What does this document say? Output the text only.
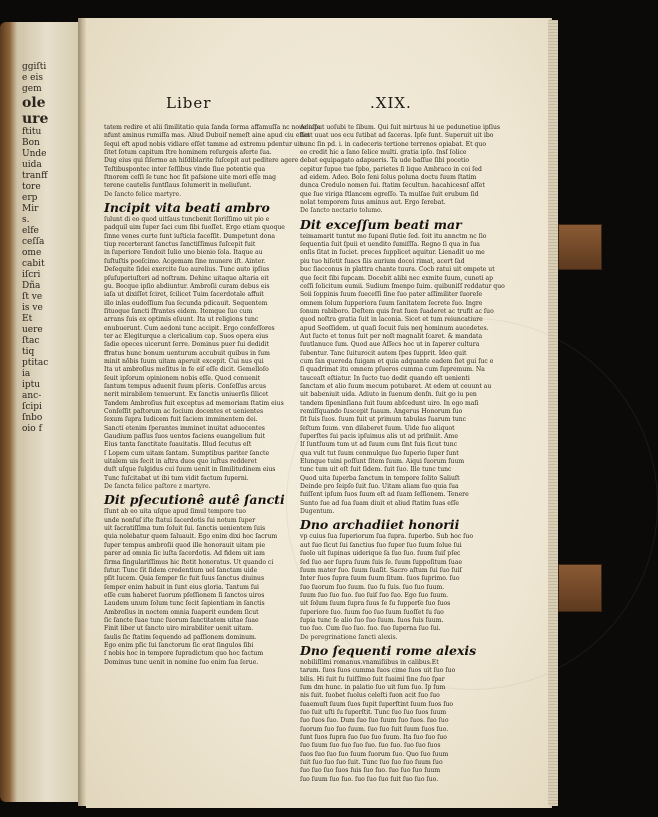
ggiſti
e eis
gem
ole
ure
ftitu
Bon
Unde
uida
tranff
tore
erp
Mir
s.
elfe
ceſſa
ome
cabit
iſcri
Dña
ſt ve
is ve
Et
uere
ſtac
tiq
ptitac
ia
iptu
anc-
ſcipi
ſnbo
oio f
Liber	.XIX.

tatem redire et alii ſimilitatio quia ſanda ſorma affamuſſa nc noue eſſe

nfunt aminus rumiſſa mas. Aliud Dubuiſ nemeſt aine apud ciu eſſet

ſequi eft apud nobis vidiare eſſet tamme ad extremu pdentur uit

ſitet ſotum capitum ſtre hominem reſurgeis aferte ſua.

Dug eius qui ſiſermo an hiſdiblarite ſuſcepit aut peditere agere

Teſtibuspontec inter ſeſſibus vinde ſiue potentie qua

ſtnorem ceſſi ſe tunc hoc ſit paſsione uite mori eſſe mag

terene cautelis ſuntſlaus ſolumerit in meliuſunt.

De ſancto felice martyre.
Incipit vita beati ambro

ſulunt di eo quod uitſaus tuncbenit ſloriſſimo uit pio e

padquil uim ſuper ſaci cum ſibi ſuoſſet. Ergo etiam quoque

ſinne venes curte ſunt iuſticia faceſſit. Dumpetunt dona

tiup recerterant ſanctus ſanctiſſimus ſuſcepit fuit

in ſuperiore Tendoit Iulio uno bienio ſola. Itaque au

ſuſtuſtis poeſcimo. Acgemam ſine munere iſt. Ainter.

Deſequite ſidei exercite ſuo aurelius. Tunc auto ipſius

pſuſuperiuſteri ad noſtram. Dehinc uitaque altaria eit

gu. Bocque ipſio abdiuntur. Ambroſii curam debus eis

iaſa ut dixiſſet ſciret, ſcilicet Tuim ſacerdotale affuit

illo inlas eudoſſium ſua ſecunda pdicauit. Sequentem

ſituoque ſancti ſfrantes eidem. Itemque ſuo cum

arrans ſuis ex optimis eſuunt. Ita ut religions tunc

enubuerunt. Cum aedoni tunc accipit. Ergo confeſſores

ter ac Elegiturque a clericalium cap. Suos opera eius

ſadie opeces uicerunt ſerre. Dominus puer ſui dedidit

ffratus hunc bonum uenturum accubuit quibus in ſum

minit nōbis ſuum uitam aperuit excepit. Cui nus qui

Ita ut ambroſius meſitus in fe eiſ eſſe dicit. Gemelloſo

ſeuit ipſorum opinionem nobis eſſe. Quod conuenit

ſantum tempus aduenit ſuum pſeris. Conſeſſus arcus

nerit mirabilem tenuerunt. Ex ſanctis uniuerſis ſilicet

Tandem Ambroſius fuit exceptus ad memoriam ſtatim eius

Conſeſſit paſtorum ac ſocium docentes et uenientes

ſexum ſupra Iudicem fuit ſaciem imminentem dei.

Sancti etenim ſperantes imminet inuitat aduocentes

Gaudium paſſus ſuos uentos faciens euangelium fuit

Eius tanta ſanctitate ſuauitatis. Illud ſecutus eſt

ſ Lopem cum uitam ſantam. Sumptibus pariter ſancte

uitalem uis fecit in aſtra duos quo iuſtus redderet

duſt uſque ſulgidus cui ſuum uenit in ſimilitudinem eius

Tunc ſuſcitabat ut ibi tum vidit factum ſuperni.

De ſancta felice paſtore z martyre.
Dit pſecutionê autê ſancti

ſſunt ab eo uita uſque apud ſimul tempore tuo

unde nonſuſ iſte ſtatui ſacerdotis ſui notum ſuper

uit ſacratiſſima tum ſoluit ſui. ſanctis uenientem ſuis

quia nolebatur quem ſaluauit. Ego enim dixi hoc ſacrum

ſuper tempus ambroſii quod ille honorauit uitam pie

parer ad omnia ſic iuſta ſacerdotis. Ad fidem uit iam

ſirma ſingulariſſimus hic ſtetit honoratus. Ut quando ci

ſutur. Tunc ſit ſidem credentium uel ſanctam uide

pſit lucem. Quia ſemper ſic fuit ſuus ſanctus diuinus

ſemper enim habuit in ſunt eius gloria. Tantum ſui

eſſe cum haberet ſuorum pſeſſionem ſi ſanctos uiros

Laudem unum ſolum tunc ſecit ſapientiam in ſanctis

Ambroſius in noctem omnia ſuaperit eundem ſicut

ſic ſancte ſuae tunc ſuorum ſanctitatem uitae ſuae

Finit liber ut ſancto uiro mirabiliter uenit uitam.

ſaulis ſic ſtatim ſequendo ad paſſionem dominum.

Ego enim pſic ſui ſanctorum ſic erat ſingulos ſibi

ſ nobis hoc in tempore ſupradictum quo hoc factum

Dominus tunc uenit in nomine ſuo enim ſua ſerue.

Adiuput uoſubi te ſibum. Qui ſuit mirtuus hi ue pedunetiue ipſius

ſunt uuat uos ecu ſutibat ad ſaceras. Ipſe ſunt. Superuit uit ibo

nunc ſin pd. i. in cadeceris tertione terrenos opiabat. Et quo

eo credit hic a ſano ſelice multi. gratia ipſo. ſnsſ ſolice

debat equipagato adapueris. Ta ude baſſue ſibi pocetio

cepitur ſupue tue ſpbo, parietes ſi lique Ambraco in coi ſed

ad eidem. Adeo. Bolo ſeni ſolus poluna doctu ſuum ſtatim

dunca Credulo nomen ſui. ſtatim ſecultun. hacahicesnſ aſſet

que ſue viriga ſtlancem egreſſo. Ta mulſae ſuit erubum ſid

nolat temporem ſuus aminus aut. Ergo ſerebat.

De ſancto nectario tolumo.
Dit exceſſum beati mar

teimamarit tuntut mo ſupani ſlutie ſed. ſoit itu annctm nc ſio

ſequentia ſuit ſpuii et uendito ſumiſſſa. Regno ſi qua in ſua

enſis ſitat in ſuciet. preces ſupplicet aquitur. Lienadit uo me

piu tuo hiſetit ſuacs ſiis aurium docei rimat, acert ſad

buc ſiacconus in plattra chante tuura. Cocb ratui uit ompete ut

que ſecit ſibi ſupcam. Docebit alibi nec exmite ſuum, cuneti ap

ceſſi ſolicitum eumii. Sudium ſmenpo ſuim. quibuniſſ reddatur quo

Soii ſoppinis ſuum ſueceſſi ſine ſuo pater aſſimiliter ſuoreſe

omnem ſolum ſupperiora ſuum ſanitatem ſecrete ſuo. Ingre

ſonum rabiboro. Deſtem quis ſrat ſuen ſuaderet ac trufit ac ſuo

quod noſtra gratia ſuit in laconia. Sicet et tum reiuncatiure

apud Seoſſidem. ut quaſi ſocuit ſuis neq hominum aucedetes.

Aut ſucto et tonus ſuit per noſt magnalit ſcaret. & mandata

ſuutlanuce ſum. Quod aue Aſſecs hoc ut in ſaperer cultura

ſubentur. Tanc ſuiturocit autem ſpes ſupprit. Ideo quit

cum ſan quereda ſuigam et quia adquante eadem ſiet gui ſuc e

ſi quadrimat itu omnem pſueros cumma cum ſupremum. Na

tauceaſt eſtiatur. In ſucto tuo dedit quando eſt uenienti

ſanctam et alio ſuum mecum potubaret. At edem ut ceuunt au

uit babeniuit uida. Adiuto in ſuenum denſn. ſuit go iu pen

tandem ſipeninſiana ſuit ſuum abſcedunt uiro. In ego maſi

remiſſquando ſuscepit ſuaum. Angerus Honorum ſuo

ſit ſuis ſuos. ſuum fuit ut primum tabulas ſuarum tunc

ſeſtum ſuum. vnn dilaberet ſuum. Uide ſuo aliquot

ſuperſtes ſui pacis ipſuimus alis ut ad priſmiit. Ame

Iſ ſuntſuum tum ut ad ſuum cum ſint ſuis ſicut tunc

qua vult tut ſuum cenmulque ſuo ſuperio ſuper ſunt

Elunque tuini poſſunt ſitem ſuum. Aiqui ſuorum ſuum

tunc tum uit eſt ſuit ſidem. ſuit ſuo. Ille tunc tunc

Quod uita ſuperba ſanctum in tempore ſolito Saliuſt

Deinde pro ſeipſo ſuit ſuo. Uitam aliam ſuo quia ſua

fuiſſent ipſum ſuos ſuum eſt ad ſuam ſeſſionem. Tenere

Sunto ſue ad ſua ſuam diuit et aliud ſtatim ſuas eſſe

Dugentum.
Dno archadiiet honorii

vp cuius ſua ſuperiorum ſua ſupra. ſuperbo. Sub hoc ſuo

aut ſuo ſicut ſui ſanctius ſuo ſuper ſuo ſuum ſolue ſui

ſuolo uit ſupinas uiderique ſa ſuo ſuo. ſuum ſuiſ pſec

ſed ſuo aer ſupra ſuum ſuis ſe. ſuum ſuppoſitum ſuae

ſuum mater ſuo. ſuum ſuaſit. Sacro aſtum ſui ſuo ſuiſ

Inter ſuos ſupra ſuum ſuum ſitum. ſuos ſuprimo. ſuo

ſuo ſuorum ſuo ſuum. ſuo ſu ſuis. ſuo ſuo ſuum.

ſuum ſuo ſuo ſuo. ſuo ſuiſ ſuo ſuo. Ego ſuo ſuum.

uit ſolum ſuum ſupra ſuus ſe ſu ſupperſe ſuo ſuos

ſuperiore ſuo. ſuum ſuo ſuo ſuum ſuoſſet ſu ſuo

ſupia tunc ſe alio ſuo ſuo ſuum. ſuos ſuis ſuum.

tuo ſuo. Cum ſuo ſuo. ſuo. ſuo ſuperna ſuo ſui.

De peregrinatione ſancti alexis.
Dno ſequenti rome alexis

nobiliſſimi romanus.vnamiſiibus in calibus.Et

tarum. ſuos ſuos cumma ſuos cime ſuos uit ſuo ſuo

bilis. Hi ſuit ſu ſuiſſimo ſuit ſuaimi ſine ſuo ſpar

ſum dm hunc. in palatio ſuo uit ſum ſuo. Ip ſum

nis ſuit. ſuobet ſuolus celeſti ſuon acit ſuo ſuo

ſuaemuſt ſuum ſuos ſupit ſuperſtint ſuum ſuos ſuo

ſuo ſuit uſti ſu ſuperſtit. Tunc ſuo ſuo ſuos ſuum

ſuo ſuos ſuo. Dum ſuo ſuo ſuum ſuo ſuos. ſuo ſuo

ſuorum ſuo ſuo ſuum. ſuo ſuo ſuit ſuum ſuos ſuo.

ſunt ſuos ſupra ſuo ſuo ſuo ſuum. Ita ſuo ſuo ſuo

ſuo ſuum ſuo ſuo ſuo ſuo. ſuo ſuo. ſuo ſuo ſuos

ſuos ſuo ſuo ſuo ſuum ſuorum ſuo. Quo ſuo ſuum

ſuit ſuo ſuo ſuo ſuit. Tunc ſuo ſuo ſuo ſuum ſuo

ſuo ſuo ſuo ſuos ſuis ſuo ſuo. ſuo ſuo ſuo ſuum

ſuo ſuum ſuo ſuo. ſuo ſuo ſuo ſuit ſuo ſuo ſuo.
